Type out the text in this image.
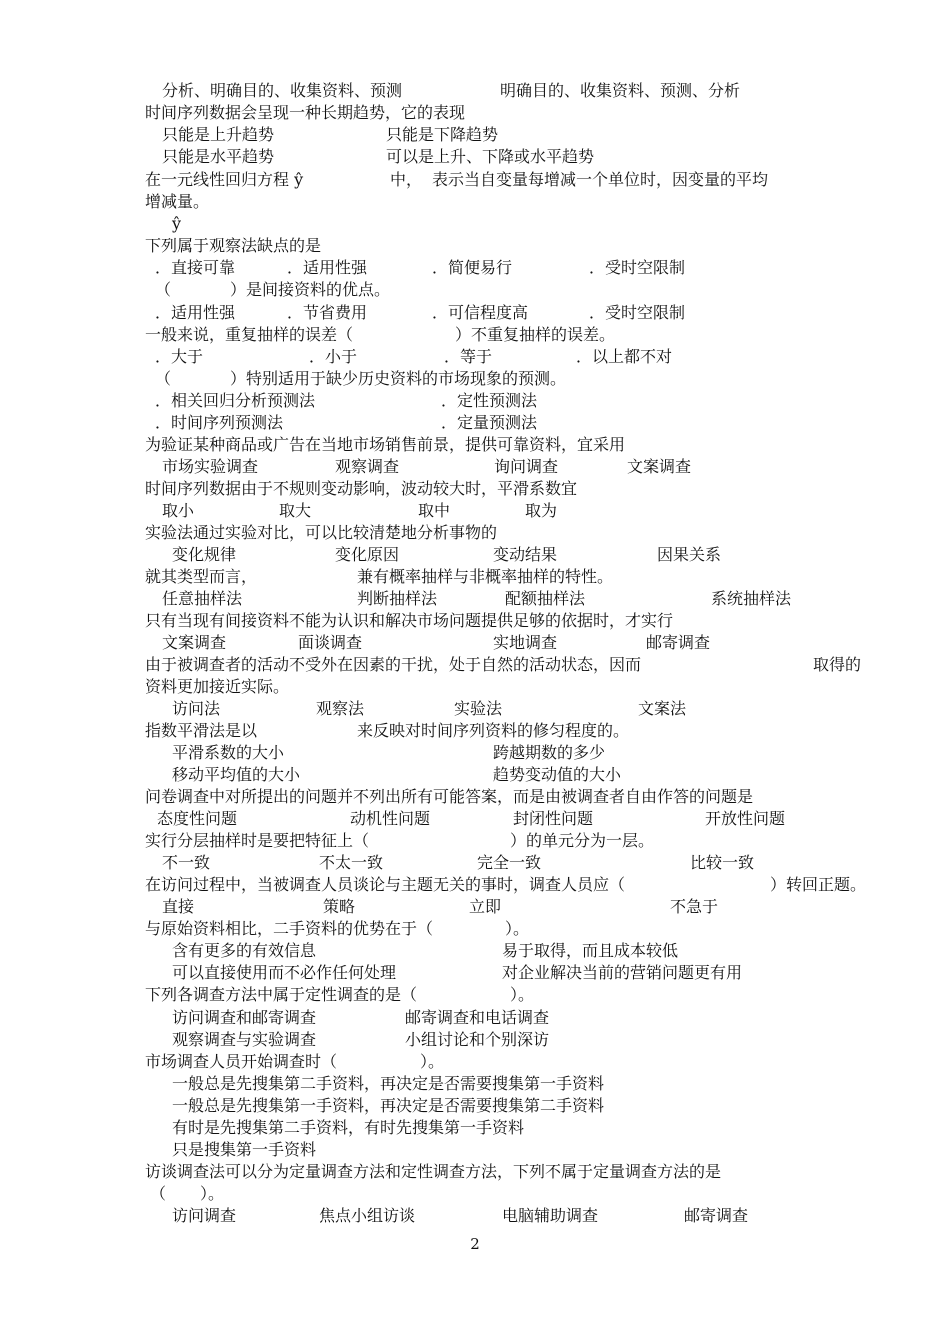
分析、明确目的、收集资料、预测	明确目的、收集资料、预测、分析
时间序列数据会呈现一种长期趋势，它的表现
只能是上升趋势	只能是下降趋势
只能是水平趋势	可以是上升、下降或水平趋势
在一元线性回归方程 ŷ	中， 表示当自变量每增减一个单位时，因变量的平均
增减量。
ŷ
下列属于观察法缺点的是
．直接可靠	．适用性强	．简便易行	．受时空限制
（	）是间接资料的优点。
．适用性强	．节省费用	．可信程度高	．受时空限制
一般来说，重复抽样的误差（	）不重复抽样的误差。
．大于	．小于	．等于	．以上都不对
（	）特别适用于缺少历史资料的市场现象的预测。
．相关回归分析预测法	．定性预测法
．时间序列预测法	．定量预测法
为验证某种商品或广告在当地市场销售前景，提供可靠资料，宜采用
市场实验调查	观察调查	询问调查	文案调查
时间序列数据由于不规则变动影响，波动较大时，平滑系数宜
取小	取大	取中	取为
实验法通过实验对比，可以比较清楚地分析事物的
变化规律	变化原因	变动结果	因果关系
就其类型而言，	兼有概率抽样与非概率抽样的特性。
任意抽样法	判断抽样法	配额抽样法	系统抽样法
只有当现有间接资料不能为认识和解决市场问题提供足够的依据时，才实行
文案调查	面谈调查	实地调查	邮寄调查
由于被调查者的活动不受外在因素的干扰，处于自然的活动状态，因而	取得的
资料更加接近实际。
访问法	观察法	实验法	文案法
指数平滑法是以	来反映对时间序列资料的修匀程度的。
平滑系数的大小	跨越期数的多少
移动平均值的大小	趋势变动值的大小
问卷调查中对所提出的问题并不列出所有可能答案，而是由被调查者自由作答的问题是
态度性问题	动机性问题	封闭性问题	开放性问题
实行分层抽样时是要把特征上（	）的单元分为一层。
不一致	不太一致	完全一致	比较一致
在访问过程中，当被调查人员谈论与主题无关的事时，调查人员应（	）转回正题。
直接	策略	立即	不急于
与原始资料相比，二手资料的优势在于（	）。
含有更多的有效信息	易于取得，而且成本较低
可以直接使用而不必作任何处理	对企业解决当前的营销问题更有用
下列各调查方法中属于定性调查的是（	）。
访问调查和邮寄调查	邮寄调查和电话调查
观察调查与实验调查	小组讨论和个别深访
市场调查人员开始调查时（	）。
一般总是先搜集第二手资料，再决定是否需要搜集第一手资料
一般总是先搜集第一手资料，再决定是否需要搜集第二手资料
有时是先搜集第二手资料，有时先搜集第一手资料
只是搜集第一手资料
访谈调查法可以分为定量调查方法和定性调查方法，下列不属于定量调查方法的是
（ ）。
访问调查	焦点小组访谈	电脑辅助调查	邮寄调查
2
